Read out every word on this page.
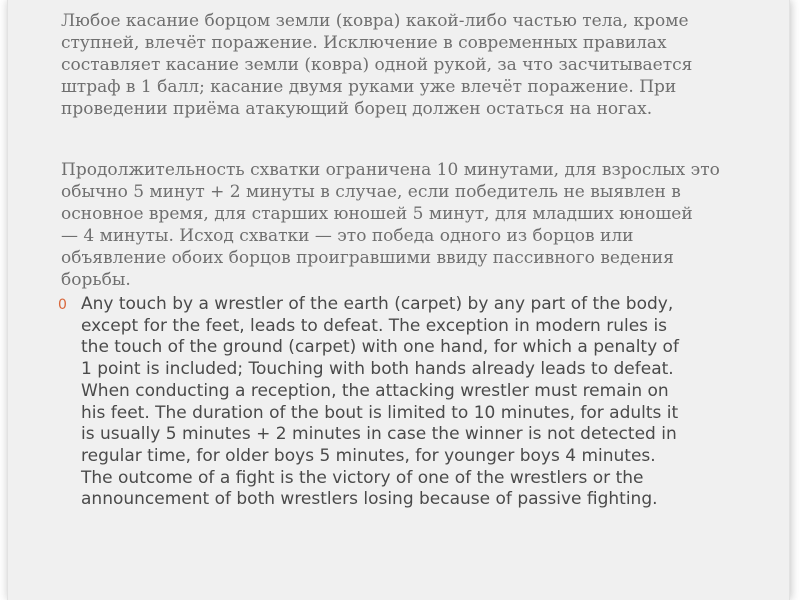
Любое касание борцом земли (ковра) какой-либо частью тела, кроме
ступней, влечёт поражение. Исключение в современных правилах
составляет касание земли (ковра) одной рукой, за что засчитывается
штраф в 1 балл; касание двумя руками уже влечёт поражение. При
проведении приёма атакующий борец должен остаться на ногах.

Продолжительность схватки ограничена 10 минутами, для взрослых это
обычно 5 минут + 2 минуты в случае, если победитель не выявлен в
основное время, для старших юношей 5 минут, для младших юношей
— 4 минуты. Исход схватки — это победа одного из борцов или
объявление обоих борцов проигравшими ввиду пассивного ведения
борьбы.

0 Any touch by a wrestler of the earth (carpet) by any part of the body,
except for the feet, leads to defeat. The exception in modern rules is
the touch of the ground (carpet) with one hand, for which a penalty of
1 point is included; Touching with both hands already leads to defeat.
When conducting a reception, the attacking wrestler must remain on
his feet. The duration of the bout is limited to 10 minutes, for adults it
is usually 5 minutes + 2 minutes in case the winner is not detected in
regular time, for older boys 5 minutes, for younger boys 4 minutes.
The outcome of a fight is the victory of one of the wrestlers or the
announcement of both wrestlers losing because of passive fighting.
